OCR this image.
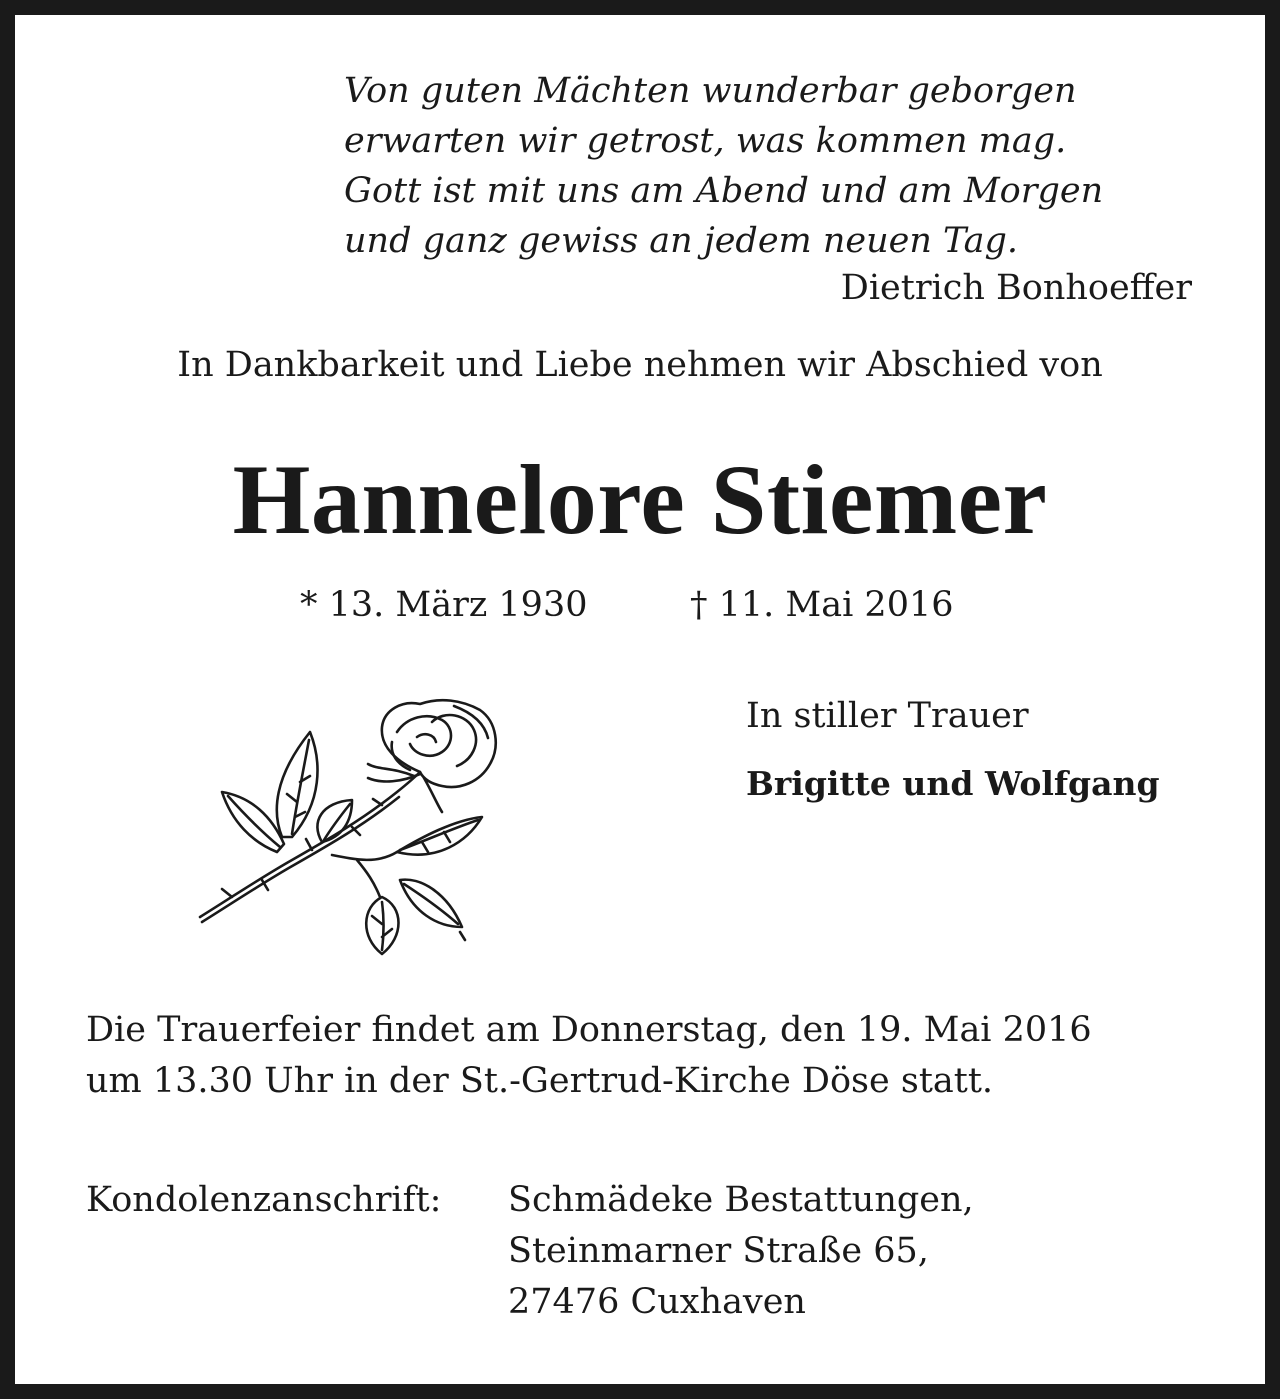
Von guten Mächten wunderbar geborgen
erwarten wir getrost, was kommen mag.
Gott ist mit uns am Abend und am Morgen
und ganz gewiss an jedem neuen Tag.
Dietrich Bonhoeffer
In Dankbarkeit und Liebe nehmen wir Abschied von
Hannelore Stiemer
* 13. März 1930	† 11. Mai 2016
In stiller Trauer
Brigitte und Wolfgang
Die Trauerfeier findet am Donnerstag, den 19. Mai 2016
um 13.30 Uhr in der St.-Gertrud-Kirche Döse statt.
Kondolenzanschrift: Schmädeke Bestattungen,
Steinmarner Straße 65,
27476 Cuxhaven
